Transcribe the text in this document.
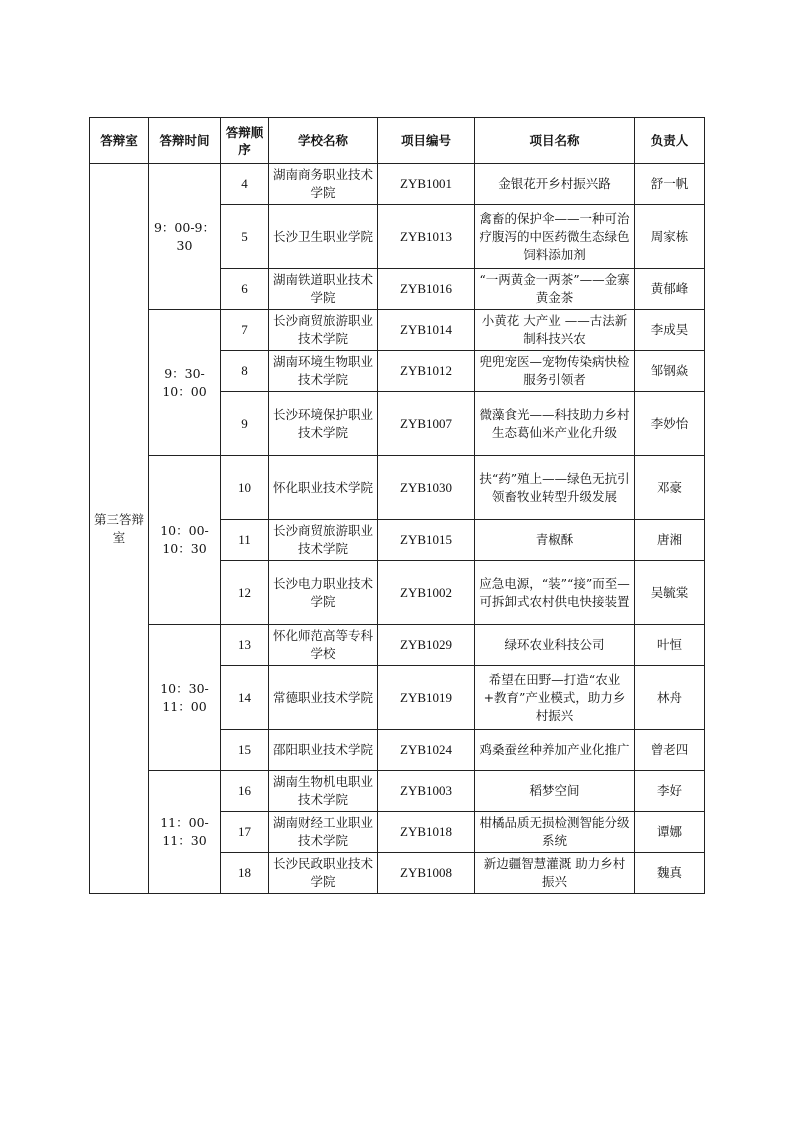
答辩室	答辩时间	答辩顺序	学校名称	项目编号	项目名称	负责人
第三答辩室	9：00-9：30	4	湖南商务职业技术学院	ZYB1001	金银花开乡村振兴路	舒一帆
		5	长沙卫生职业学院	ZYB1013	禽畜的保护伞——一种可治疗腹泻的中医药微生态绿色饲料添加剂	周家栋
		6	湖南铁道职业技术学院	ZYB1016	“一两黄金一两茶”——金寨黄金茶	黄郁峰
	9：30-10：00	7	长沙商贸旅游职业技术学院	ZYB1014	小黄花 大产业 ——古法新制科技兴农	李成昊
		8	湖南环境生物职业技术学院	ZYB1012	兜兜宠医—宠物传染病快检服务引领者	邹钢焱
		9	长沙环境保护职业技术学院	ZYB1007	微藻食光——科技助力乡村生态葛仙米产业化升级	李妙怡
	10：00-10：30	10	怀化职业技术学院	ZYB1030	扶“药”殖上——绿色无抗引领畜牧业转型升级发展	邓豪
		11	长沙商贸旅游职业技术学院	ZYB1015	青椒酥	唐湘
		12	长沙电力职业技术学院	ZYB1002	应急电源，“装”“接”而至—可拆卸式农村供电快接装置	吴毓棠
	10：30-11：00	13	怀化师范高等专科学校	ZYB1029	绿环农业科技公司	叶恒
		14	常德职业技术学院	ZYB1019	希望在田野—打造“农业+教育”产业模式，助力乡村振兴	林舟
		15	邵阳职业技术学院	ZYB1024	鸡桑蚕丝种养加产业化推广	曾老四
	11：00-11：30	16	湖南生物机电职业技术学院	ZYB1003	稻梦空间	李好
		17	湖南财经工业职业技术学院	ZYB1018	柑橘品质无损检测智能分级系统	谭娜
		18	长沙民政职业技术学院	ZYB1008	新边疆智慧灌溉 助力乡村振兴	魏真
